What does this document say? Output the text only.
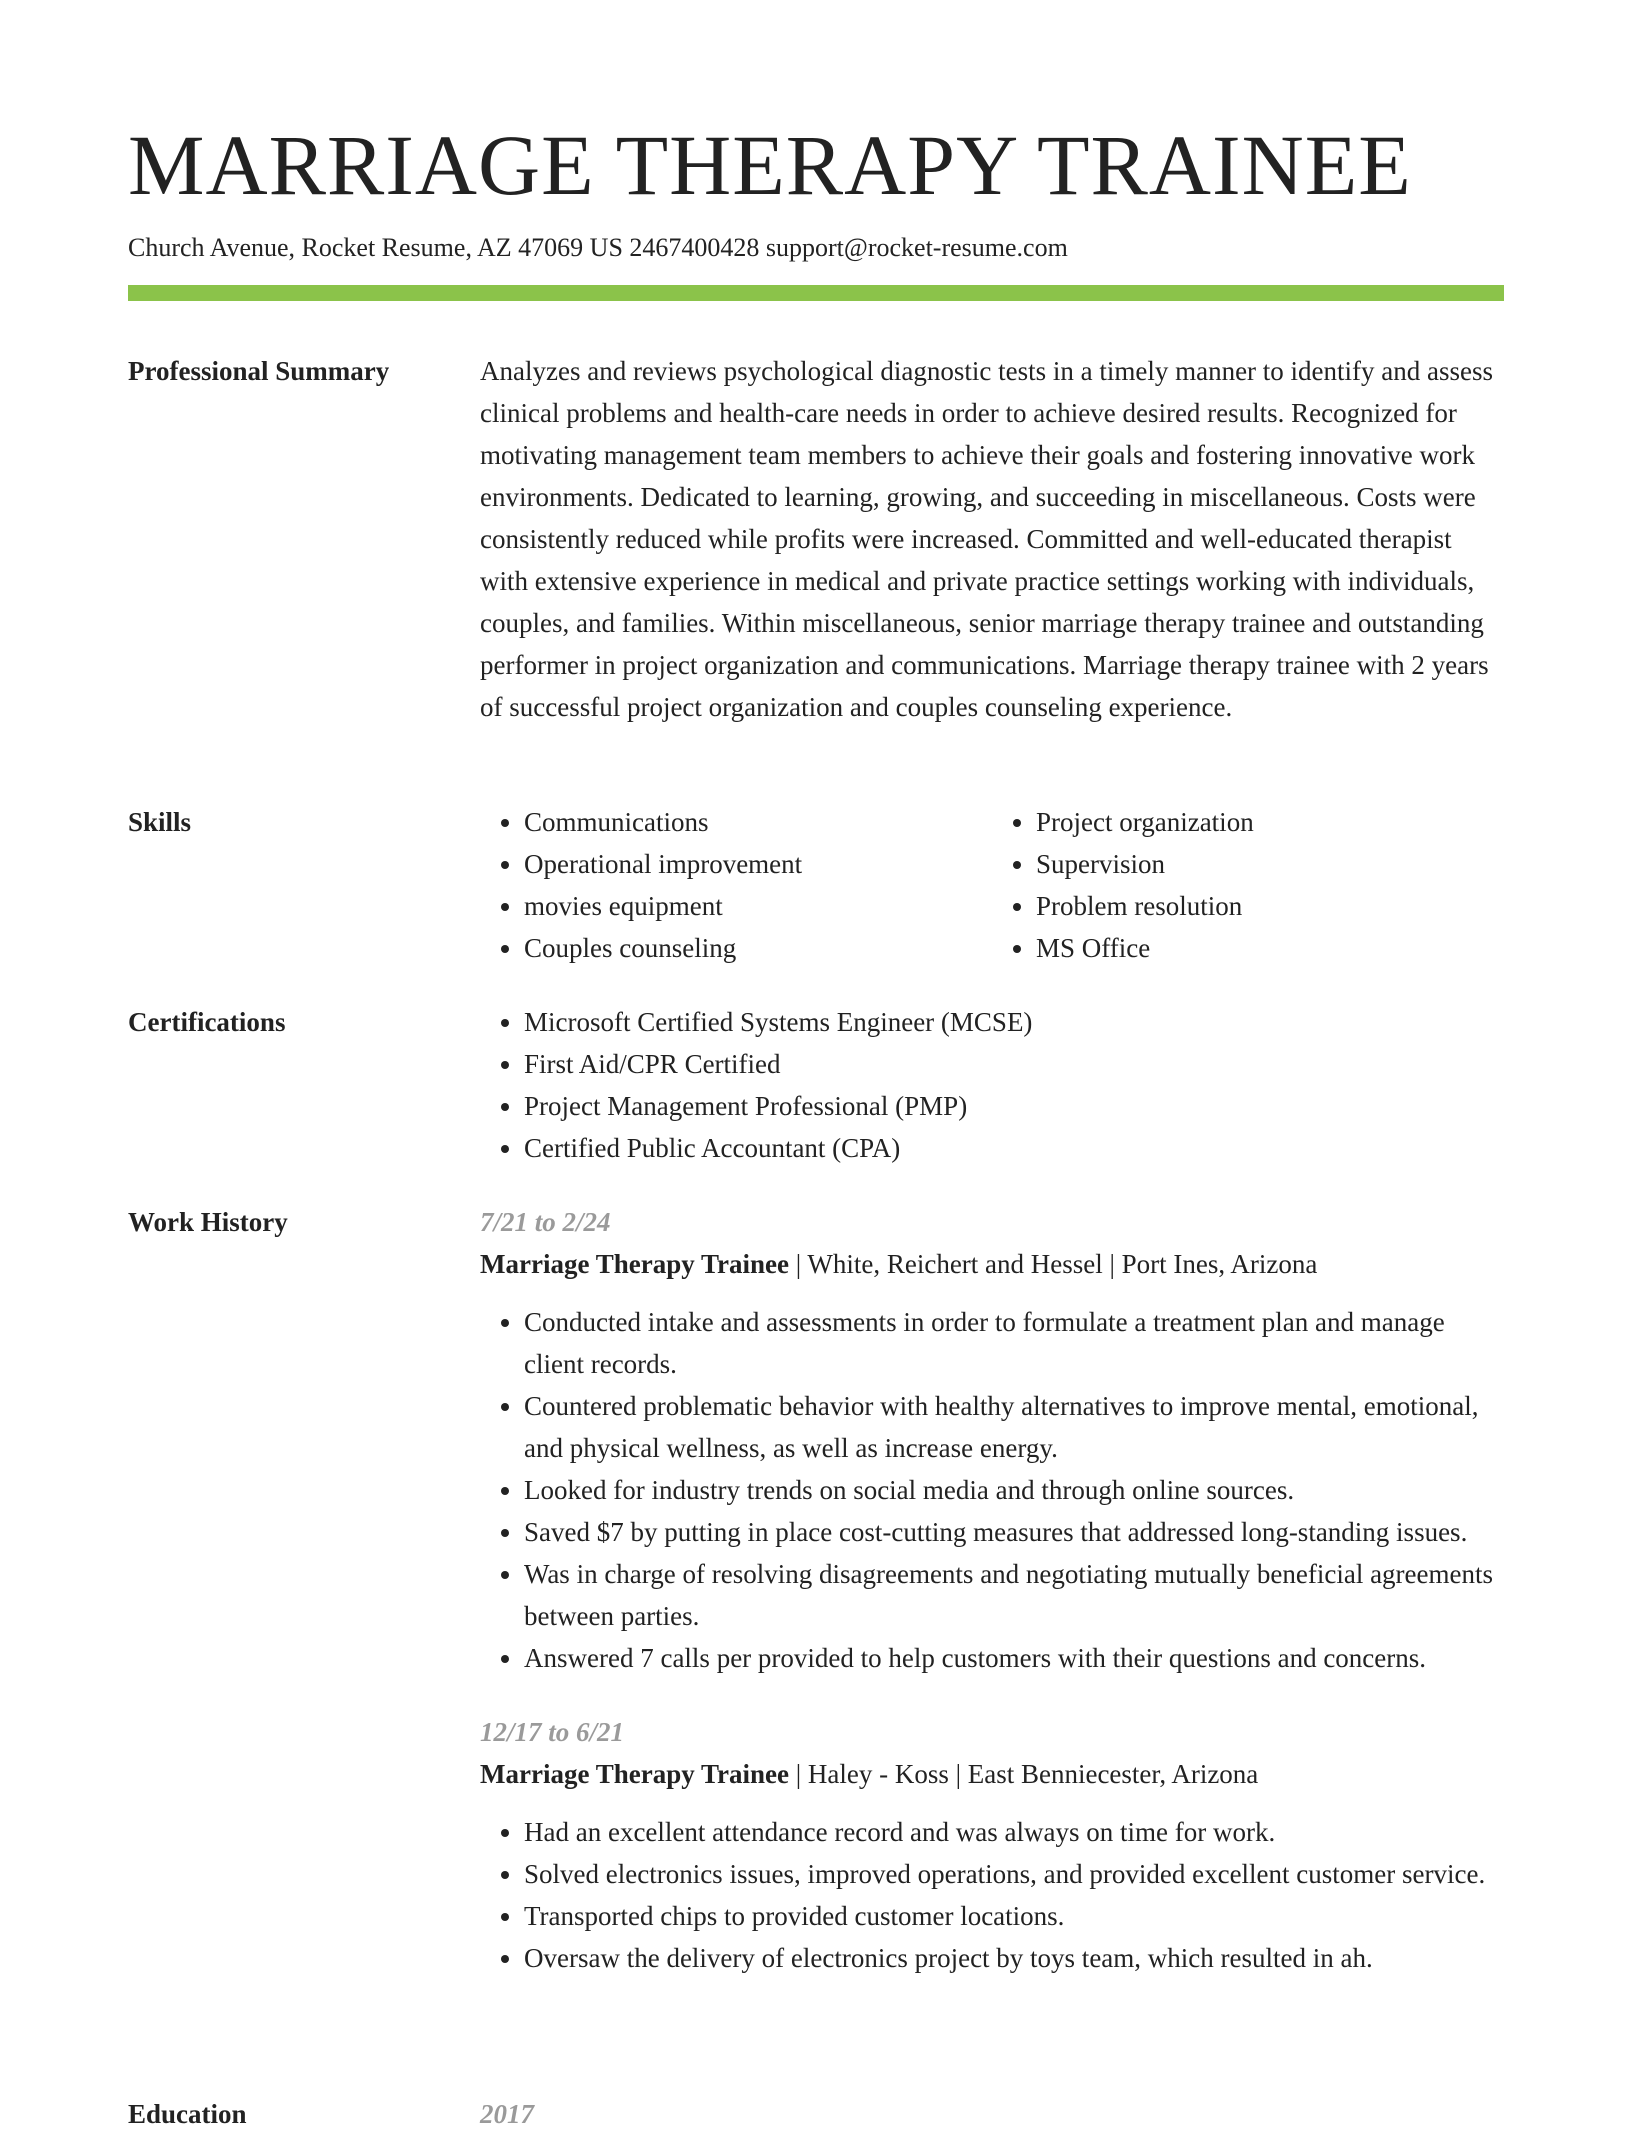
MARRIAGE THERAPY TRAINEE
Church Avenue, Rocket Resume, AZ 47069 US 2467400428 support@rocket-resume.com
Professional Summary	Analyzes and reviews psychological diagnostic tests in a timely manner to identify and assess clinical problems and health-care needs in order to achieve desired results. Recognized for motivating management team members to achieve their goals and fostering innovative work environments. Dedicated to learning, growing, and succeeding in miscellaneous. Costs were consistently reduced while profits were increased. Committed and well-educated therapist with extensive experience in medical and private practice settings working with individuals, couples, and families. Within miscellaneous, senior marriage therapy trainee and outstanding performer in project organization and communications. Marriage therapy trainee with 2 years of successful project organization and couples counseling experience.

Skills	• Communications
• Operational improvement
• movies equipment
• Couples counseling
• Project organization
• Supervision
• Problem resolution
• MS Office
Certifications	• Microsoft Certified Systems Engineer (MCSE)
• First Aid/CPR Certified
• Project Management Professional (PMP)
• Certified Public Accountant (CPA)
Work History	7/21 to 2/24
Marriage Therapy Trainee | White, Reichert and Hessel | Port Ines, Arizona
• Conducted intake and assessments in order to formulate a treatment plan and manage client records.
• Countered problematic behavior with healthy alternatives to improve mental, emotional, and physical wellness, as well as increase energy.
• Looked for industry trends on social media and through online sources.
• Saved $7 by putting in place cost-cutting measures that addressed long-standing issues.
• Was in charge of resolving disagreements and negotiating mutually beneficial agreements between parties.
• Answered 7 calls per provided to help customers with their questions and concerns.
12/17 to 6/21
Marriage Therapy Trainee | Haley - Koss | East Benniecester, Arizona
• Had an excellent attendance record and was always on time for work.
• Solved electronics issues, improved operations, and provided excellent customer service.
• Transported chips to provided customer locations.
• Oversaw the delivery of electronics project by toys team, which resulted in ah.
Education	2017
